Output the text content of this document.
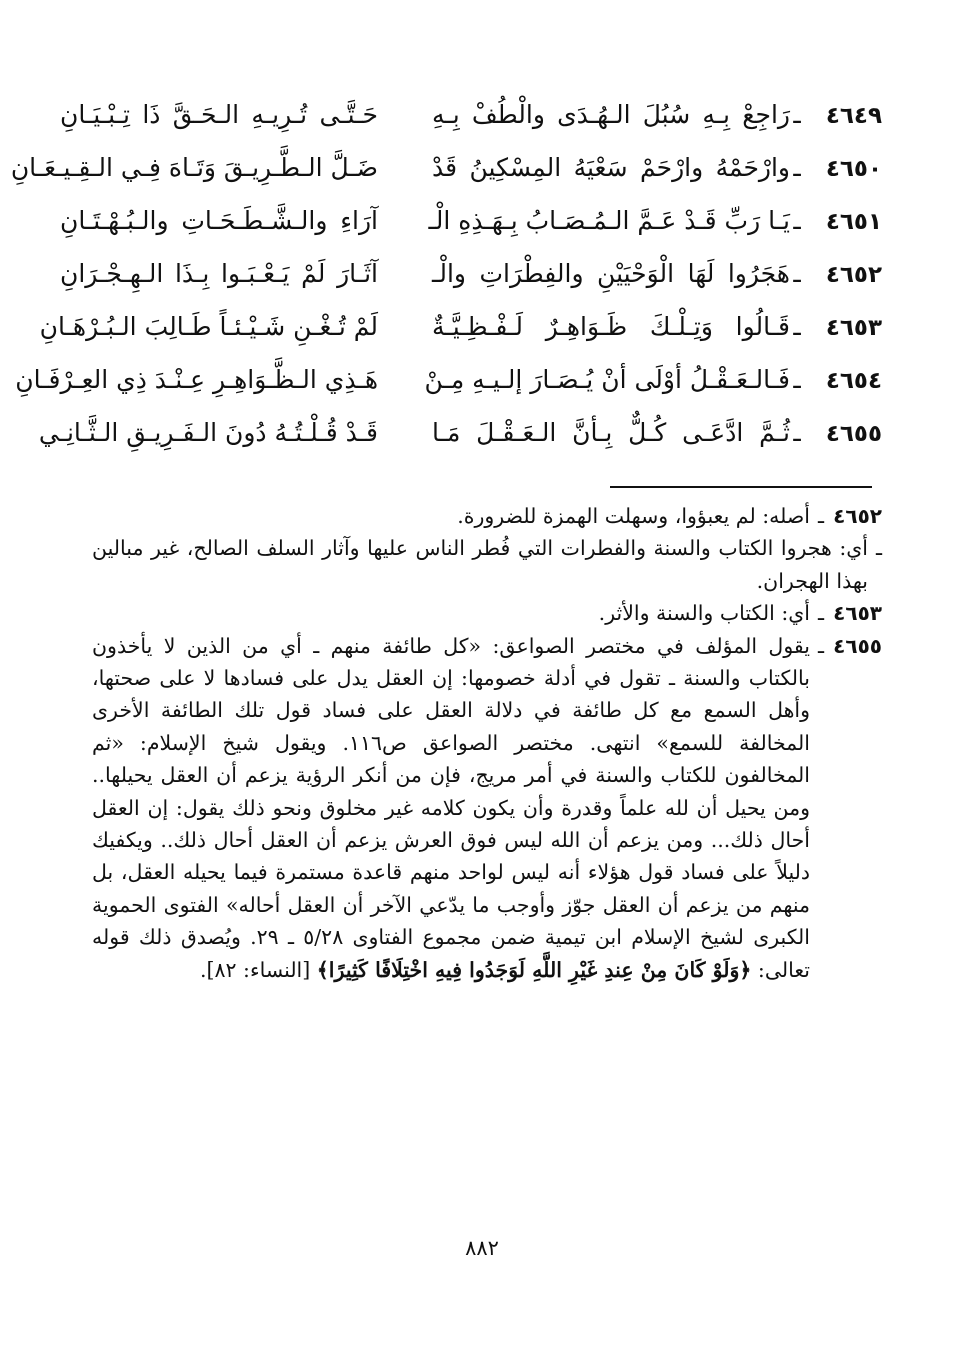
٤٦٤٩
ـ
رَاجِعْ بِـهِ سُبُلَ الـهُـدَى والْطُفْ بِـهِ
حَـتَّـى تُـرِيـهِ الـحَـقَّ ذَا تِـبْـيَـانِ
٤٦٥٠
ـ
وارْحَمْهُ وارْحَمْ سَعْيَهُ المِسْكِينُ قَدْ
ضَـلَّ الـطَّـرِيـقَ وَتَـاهَ فِـي الـقِـيـعَـانِ
٤٦٥١
ـ
يَـا رَبِّ قَـدْ عَـمَّ الـمُـصَـابُ بِـهَـذِهِ الْـ
آرَاءِ والـشَّـطَـحَـاتِ والـبُـهْـتَـانِ
٤٦٥٢
ـ
هَجَرُوا لَهَا الْوَحْيَيْنِ والفِطْرَاتِ والْـ
آثَـارَ لَمْ يَـعْـبَـوا بِـذَا الـهِـجْـرَانِ
٤٦٥٣
ـ
قَـالُوا وَتِـلْـكَ ظَـوَاهِـرٌ لَـفْـظِـيَّـةٌ
لَمْ تُـغْـنِ شَـيْـئـاً طَـالِبَ الـبُـرْهَـانِ
٤٦٥٤
ـ
فَـالـعَـقْـلُ أوْلَى أنْ يُـصَـارَ إلـيـهِ مِـنْ
هَـذِي الـظَّـوَاهِـرِ عِـنْـدَ ذِي العِـرْفَـانِ
٤٦٥٥
ـ
ثُـمَّ ادَّعَـى كُـلٌّ بِـأنَّ الـعَـقْـلَ مَـا
قَـدْ قُـلْـتُـهُ دُونَ الـفَـرِيـقِ الـثَّـانِـي
٤٦٥٢
ـ
أصله: لم يعبؤوا، وسهلت الهمزة للضرورة.
ـ
أي: هجروا الكتاب والسنة والفطرات التي فُطر الناس عليها وآثار السلف الصالح، غير مبالين بهذا الهجران.
٤٦٥٣
ـ
أي: الكتاب والسنة والأثر.
٤٦٥٥
ـ
يقول المؤلف في مختصر الصواعق: «كل طائفة منهم ـ أي من الذين لا يأخذون بالكتاب والسنة ـ تقول في أدلة خصومها: إن العقل يدل على فسادها لا على صحتها، وأهل السمع مع كل طائفة في دلالة العقل على فساد قول تلك الطائفة الأخرى المخالفة للسمع» انتهى. مختصر الصواعق ص١١٦. ويقول شيخ الإسلام: «ثم المخالفون للكتاب والسنة في أمر مريج، فإن من أنكر الرؤية يزعم أن العقل يحيلها.. ومن يحيل أن لله علماً وقدرة وأن يكون كلامه غير مخلوق ونحو ذلك يقول: إن العقل أحال ذلك... ومن يزعم أن الله ليس فوق العرش يزعم أن العقل أحال ذلك.. ويكفيك دليلاً على فساد قول هؤلاء أنه ليس لواحد منهم قاعدة مستمرة فيما يحيله العقل، بل منهم من يزعم أن العقل جوّز وأوجب ما يدّعي الآخر أن العقل أحاله» الفتوى الحموية الكبرى لشيخ الإسلام ابن تيمية ضمن مجموع الفتاوى ٥/٢٨ ـ ٢٩. ويُصدق ذلك قوله تعالى: ﴿وَلَوْ كَانَ مِنْ عِندِ غَيْرِ اللَّهِ لَوَجَدُوا فِيهِ اخْتِلَافًا كَثِيرًا﴾ [النساء: ٨٢].
٨٨٢
